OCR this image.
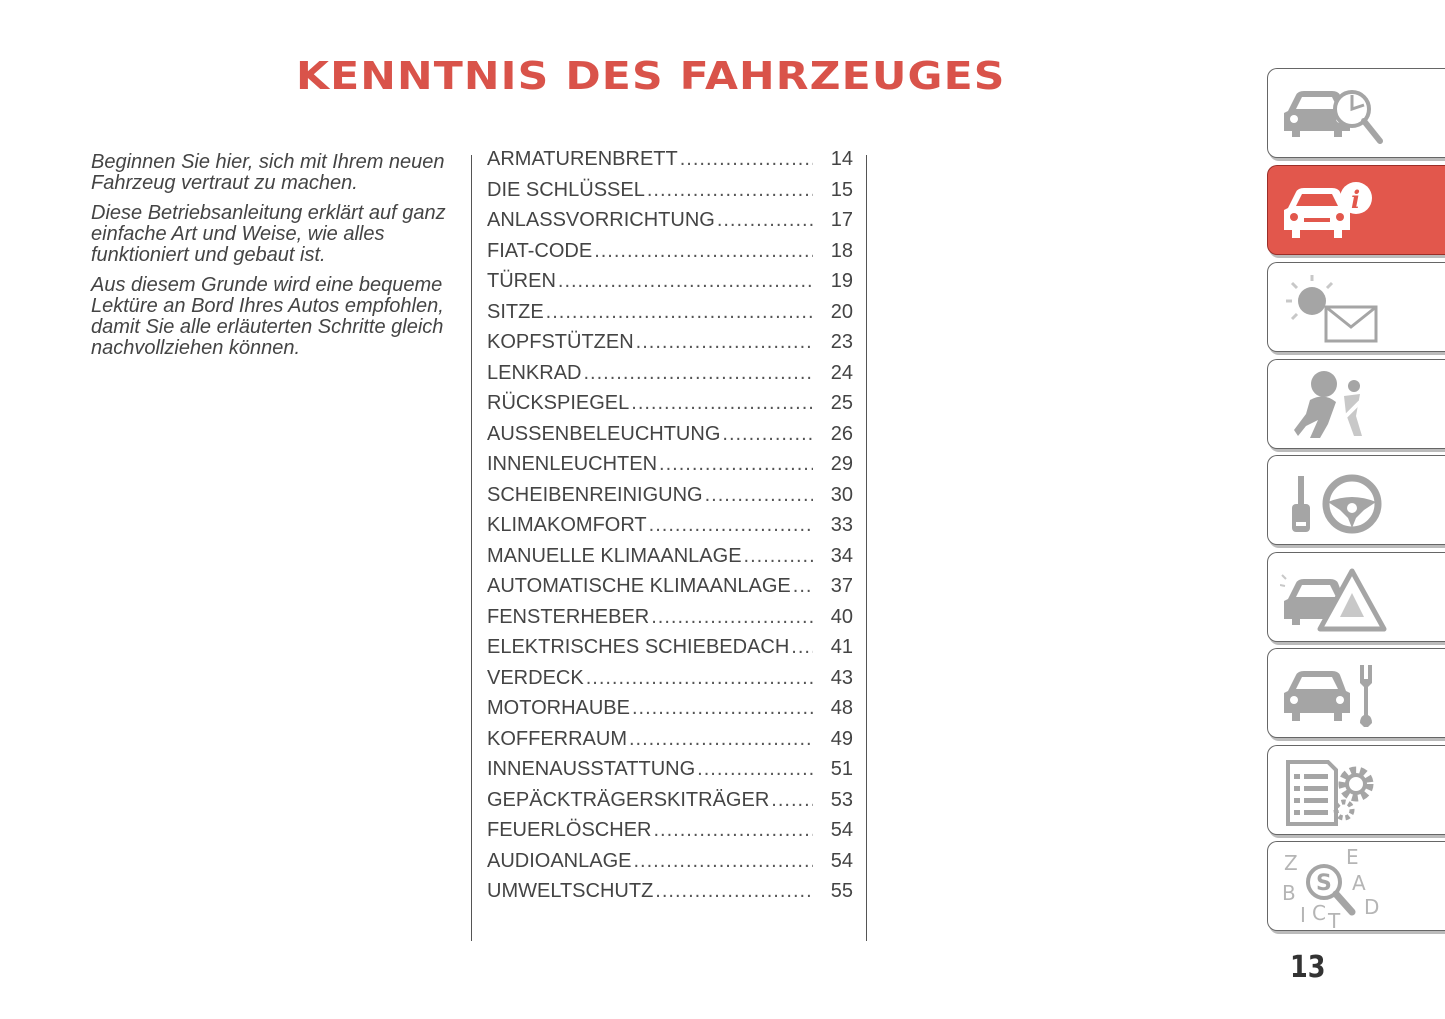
KENNTNIS DES FAHRZEUGES

Beginnen Sie hier, sich mit Ihrem neuen Fahrzeug vertraut zu machen.

Diese Betriebsanleitung erklärt auf ganz einfache Art und Weise, wie alles funktioniert und gebaut ist.

Aus diesem Grunde wird eine bequeme Lektüre an Bord Ihres Autos empfohlen, damit Sie alle erläuterten Schritte gleich nachvollziehen können.

ARMATURENBRETT .....	14
DIE SCHLÜSSEL .....	15
ANLASSVORRICHTUNG .....	17
FIAT-CODE .....	18
TÜREN .....	19
SITZE .....	20
KOPFSTÜTZEN .....	23
LENKRAD .....	24
RÜCKSPIEGEL .....	25
AUSSENBELEUCHTUNG .....	26
INNENLEUCHTEN .....	29
SCHEIBENREINIGUNG .....	30
KLIMAKOMFORT .....	33
MANUELLE KLIMAANLAGE .....	34
AUTOMATISCHE KLIMAANLAGE .....	37
FENSTERHEBER .....	40
ELEKTRISCHES SCHIEBEDACH .....	41
VERDECK .....	43
MOTORHAUBE .....	48
KOFFERRAUM .....	49
INNENAUSSTATTUNG .....	51
GEPÄCKTRÄGERSKITRÄGER .....	53
FEUERLÖSCHER .....	54
AUDIOANLAGE .....	54
UMWELTSCHUTZ .....	55
i
Z E
A
B
I C T
D
S
13
